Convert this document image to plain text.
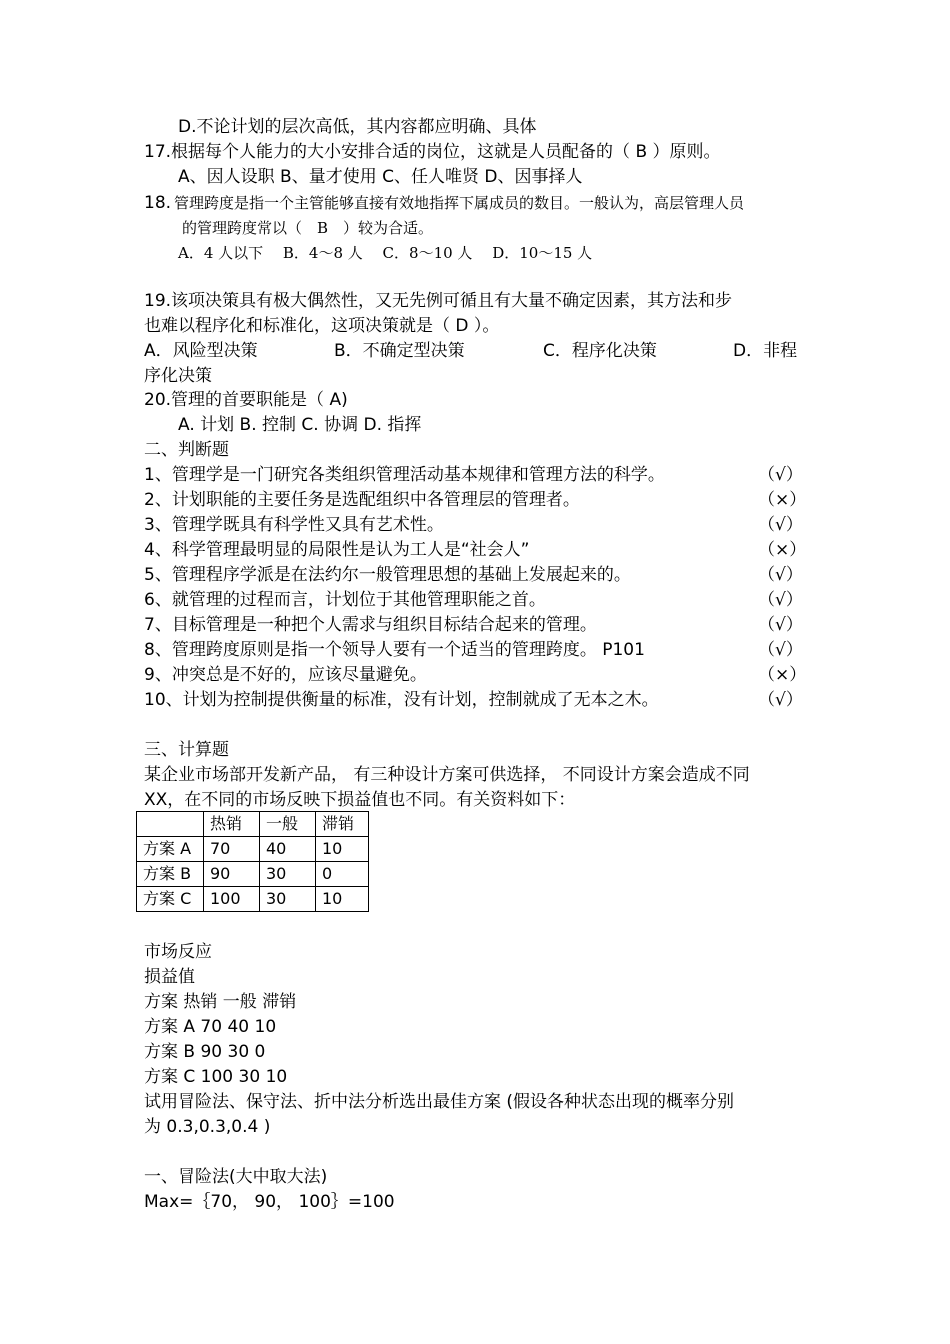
D.不论计划的层次高低，其内容都应明确、具体
17.根据每个人能力的大小安排合适的岗位，这就是人员配备的（ B ）原则。
A、因人设职 B、量才使用 C、任人唯贤 D、因事择人
18. 管理跨度是指一个主管能够直接有效地指挥下属成员的数目。一般认为，高层管理人员
的管理跨度常以（　B　）较为合适。
A．4 人以下　 B．4～8 人　 C．8～10 人　 D．10～15 人
19.该项决策具有极大偶然性，又无先例可循且有大量不确定因素，其方法和步
也难以程序化和标准化，这项决策就是（ D ）。
A．风险型决策	B．不确定型决策	C．程序化决策	D．非程
序化决策
20.管理的首要职能是（ A)
A. 计划 B. 控制 C. 协调 D. 指挥
二、判断题
1、管理学是一门研究各类组织管理活动基本规律和管理方法的科学。	（√）
2、计划职能的主要任务是选配组织中各管理层的管理者。	（×）
3、管理学既具有科学性又具有艺术性。	（√）
4、科学管理最明显的局限性是认为工人是“社会人”	（×）
5、管理程序学派是在法约尔一般管理思想的基础上发展起来的。	（√）
6、就管理的过程而言，计划位于其他管理职能之首。	（√）
7、目标管理是一种把个人需求与组织目标结合起来的管理。	（√）
8、管理跨度原则是指一个领导人要有一个适当的管理跨度。 P101	（√）
9、冲突总是不好的，应该尽量避免。	（×）
10、计划为控制提供衡量的标准，没有计划，控制就成了无本之木。	（√）
三、计算题
某企业市场部开发新产品， 有三种设计方案可供选择， 不同设计方案会造成不同
XX，在不同的市场反映下损益值也不同。有关资料如下：
	热销	一般	滞销
方案 A	70	40	10
方案 B	90	30	0
方案 C	100	30	10
市场反应
损益值
方案 热销 一般 滞销
方案 A 70 40 10
方案 B 90 30 0
方案 C 100 30 10
试用冒险法、保守法、折中法分析选出最佳方案 (假设各种状态出现的概率分别
为 0.3,0.3,0.4 )
一、冒险法(大中取大法)
Max=｛70， 90， 100｝=100
